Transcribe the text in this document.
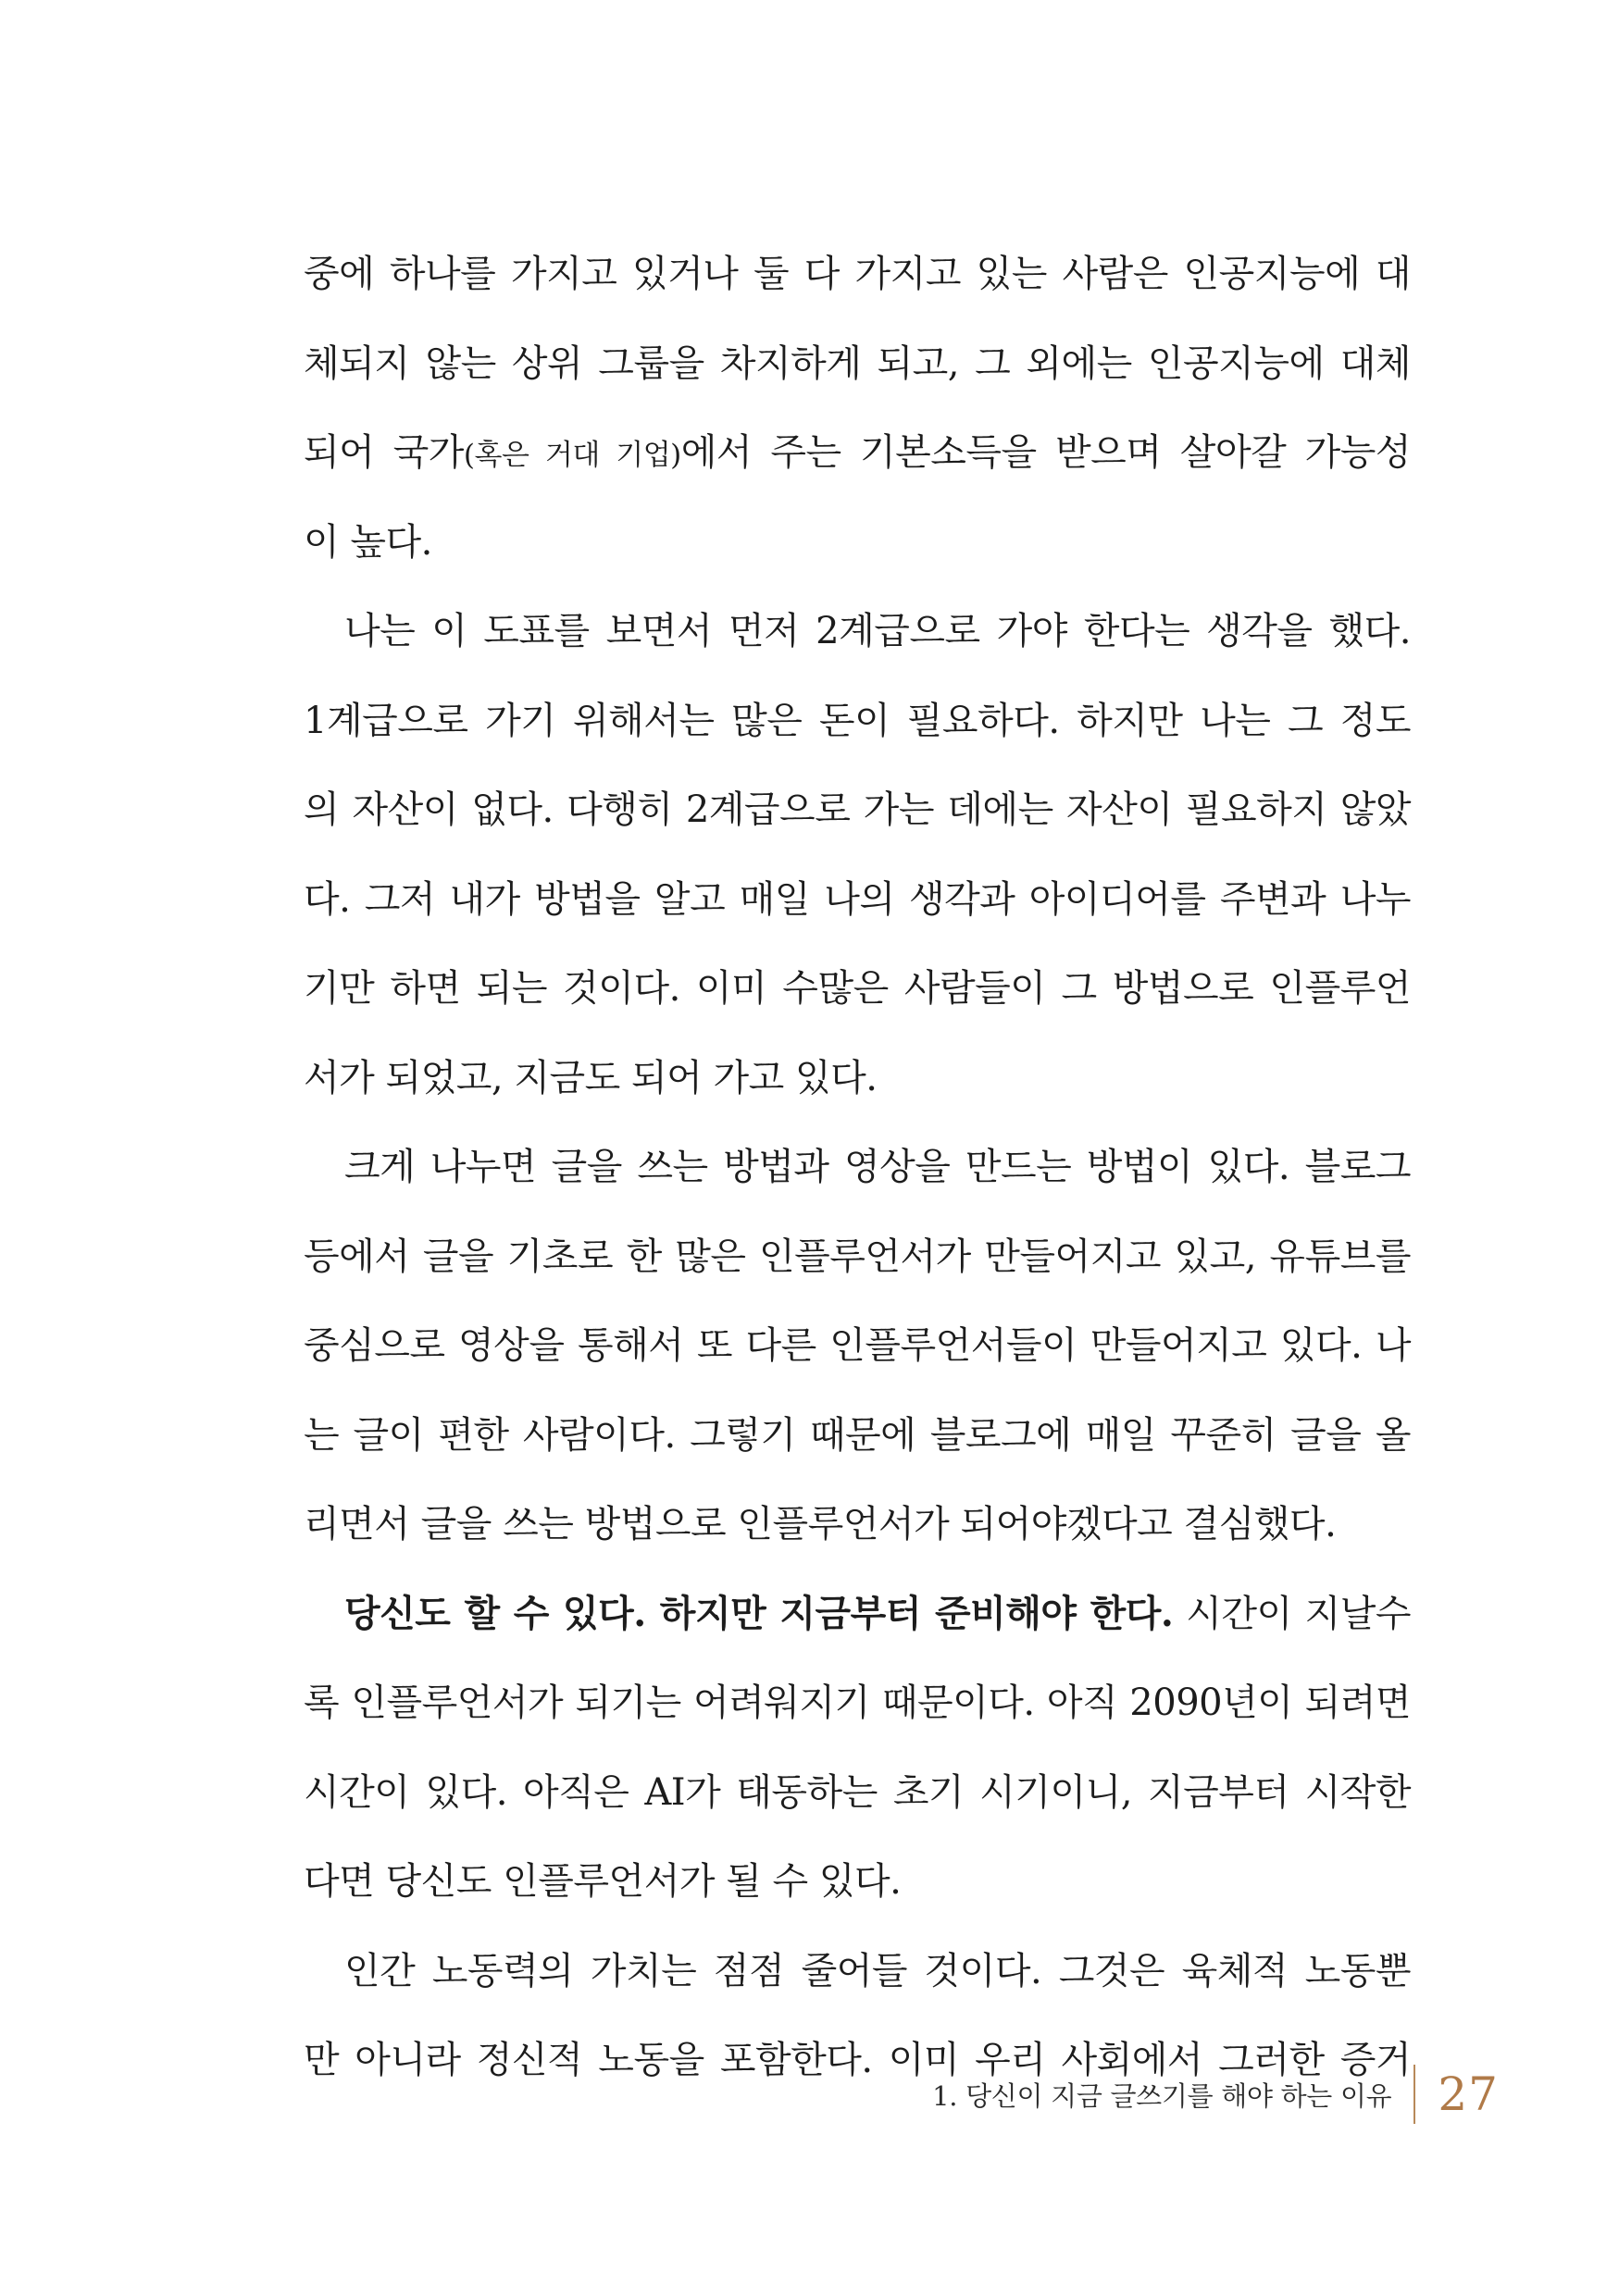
중에 하나를 가지고 있거나 둘 다 가지고 있는 사람은 인공지능에 대
체되지 않는 상위 그룹을 차지하게 되고, 그 외에는 인공지능에 대체
되어 국가(혹은 거대 기업)에서 주는 기본소득을 받으며 살아갈 가능성
이 높다.
나는 이 도표를 보면서 먼저 2계급으로 가야 한다는 생각을 했다.
1계급으로 가기 위해서는 많은 돈이 필요하다. 하지만 나는 그 정도
의 자산이 없다. 다행히 2계급으로 가는 데에는 자산이 필요하지 않았
다. 그저 내가 방법을 알고 매일 나의 생각과 아이디어를 주변과 나누
기만 하면 되는 것이다. 이미 수많은 사람들이 그 방법으로 인플루언
서가 되었고, 지금도 되어 가고 있다.
크게 나누면 글을 쓰는 방법과 영상을 만드는 방법이 있다. 블로그
등에서 글을 기초로 한 많은 인플루언서가 만들어지고 있고, 유튜브를
중심으로 영상을 통해서 또 다른 인플루언서들이 만들어지고 있다. 나
는 글이 편한 사람이다. 그렇기 때문에 블로그에 매일 꾸준히 글을 올
리면서 글을 쓰는 방법으로 인플루언서가 되어야겠다고 결심했다.
당신도 할 수 있다. 하지만 지금부터 준비해야 한다. 시간이 지날수
록 인플루언서가 되기는 어려워지기 때문이다. 아직 2090년이 되려면
시간이 있다. 아직은 AI가 태동하는 초기 시기이니, 지금부터 시작한
다면 당신도 인플루언서가 될 수 있다.
인간 노동력의 가치는 점점 줄어들 것이다. 그것은 육체적 노동뿐
만 아니라 정신적 노동을 포함한다. 이미 우리 사회에서 그러한 증거
1. 당신이 지금 글쓰기를 해야 하는 이유	27
